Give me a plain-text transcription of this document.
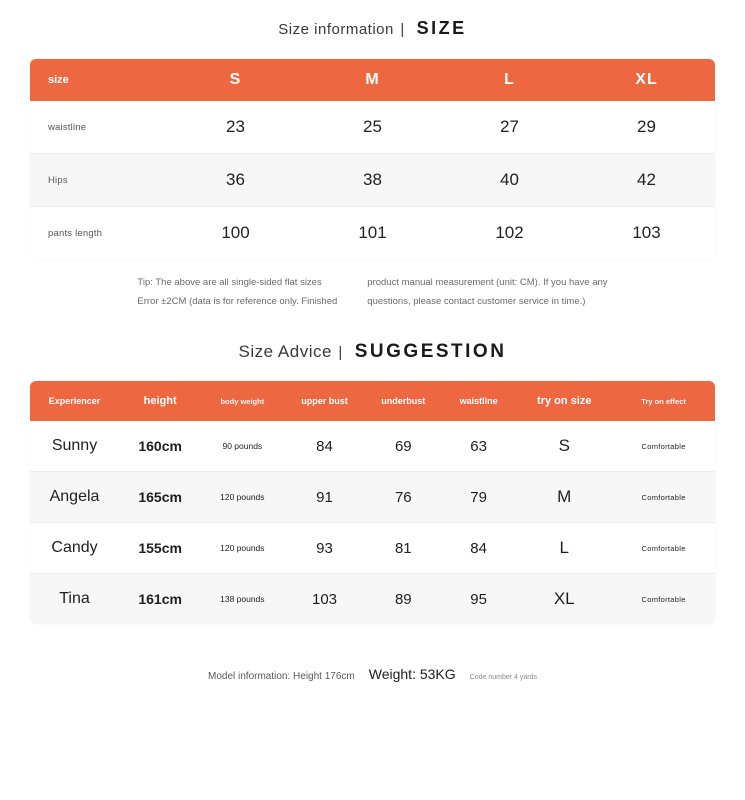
Size information | SIZE
size	S	M	L	XL
waistline	23	25	27	29
Hips	36	38	40	42
pants length	100	101	102	103
Tip: The above are all single-sided flat sizes
Error ±2CM (data is for reference only. Finished
product manual measurement (unit: CM). If you have any
questions, please contact customer service in time.)
Size Advice | SUGGESTION
Experiencer	height	body weight	upper bust	underbust	waistline	try on size	Try on effect
Sunny	160cm	90 pounds	84	69	63	S	Comfortable
Angela	165cm	120 pounds	91	76	79	M	Comfortable
Candy	155cm	120 pounds	93	81	84	L	Comfortable
Tina	161cm	138 pounds	103	89	95	XL	Comfortable
Model information: Height 176cm Weight: 53KG Code number 4 yards
